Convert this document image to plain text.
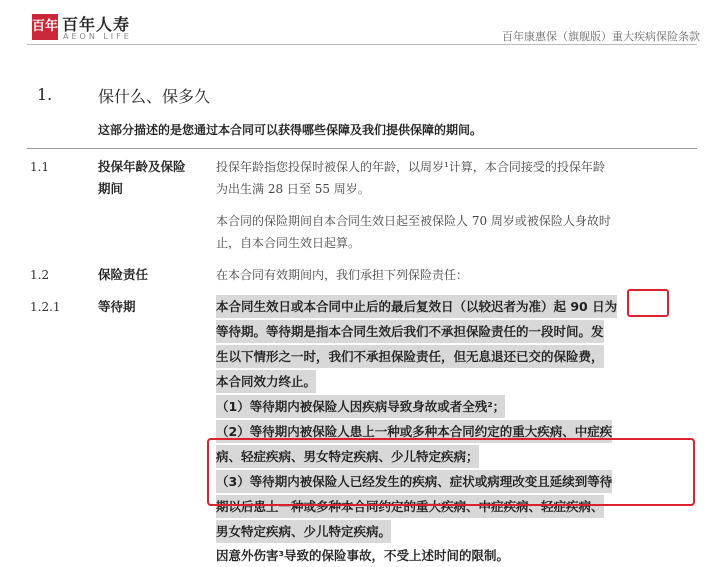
百年 百年人寿
AEON LIFE	百年康惠保（旗舰版）重大疾病保险条款
1.	保什么、保多久
这部分描述的是您通过本合同可以获得哪些保障及我们提供保障的期间。
1.1	投保年龄及保险
期间
投保年龄指您投保时被保人的年龄，以周岁¹计算，本合同接受的投保年龄
为出生满 28 日至 55 周岁。
本合同的保险期间自本合同生效日起至被保险人 70 周岁或被保险人身故时
止，自本合同生效日起算。
1.2	保险责任	在本合同有效期间内，我们承担下列保险责任：
1.2.1	等待期	本合同生效日或本合同中止后的最后复效日（以较迟者为准）起 90 日为
等待期。等待期是指本合同生效后我们不承担保险责任的一段时间。发
生以下情形之一时，我们不承担保险责任，但无息退还已交的保险费，
本合同效力终止。
（1）等待期内被保险人因疾病导致身故或者全残²；
（2）等待期内被保险人患上一种或多种本合同约定的重大疾病、中症疾
病、轻症疾病、男女特定疾病、少儿特定疾病；
（3）等待期内被保险人已经发生的疾病、症状或病理改变且延续到等待
期以后患上一种或多种本合同约定的重大疾病、中症疾病、轻症疾病、
男女特定疾病、少儿特定疾病。
因意外伤害³导致的保险事故，不受上述时间的限制。
